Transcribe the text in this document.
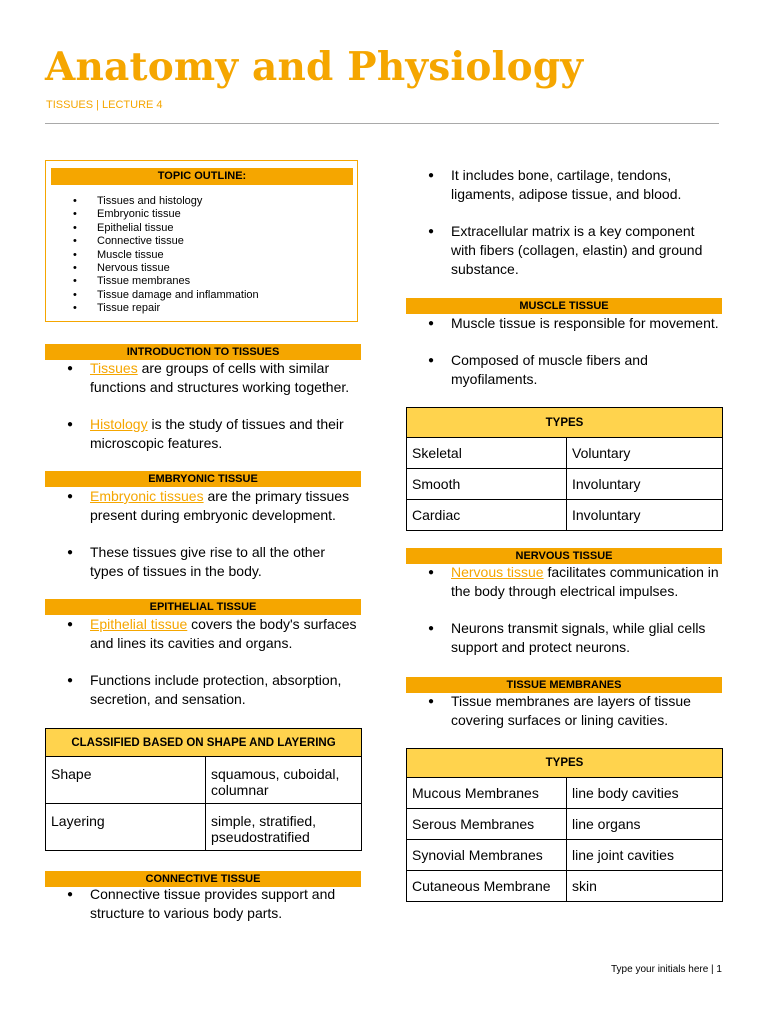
Anatomy and Physiology
TISSUES | LECTURE 4
TOPIC OUTLINE:
• Tissues and histology
• Embryonic tissue
• Epithelial tissue
• Connective tissue
• Muscle tissue
• Nervous tissue
• Tissue membranes
• Tissue damage and inflammation
• Tissue repair
INTRODUCTION TO TISSUES
● Tissues are groups of cells with similar functions and structures working together.
● Histology is the study of tissues and their microscopic features.
EMBRYONIC TISSUE
● Embryonic tissues are the primary tissues present during embryonic development.
● These tissues give rise to all the other types of tissues in the body.
EPITHELIAL TISSUE
● Epithelial tissue covers the body's surfaces and lines its cavities and organs.
● Functions include protection, absorption, secretion, and sensation.
CLASSIFIED BASED ON SHAPE AND LAYERING	
Shape	squamous, cuboidal, columnar
Layering	simple, stratified, pseudostratified
CONNECTIVE TISSUE
● Connective tissue provides support and structure to various body parts.
● It includes bone, cartilage, tendons, ligaments, adipose tissue, and blood.
● Extracellular matrix is a key component with fibers (collagen, elastin) and ground substance.
MUSCLE TISSUE
● Muscle tissue is responsible for movement.
● Composed of muscle fibers and myofilaments.
TYPES	
Skeletal	Voluntary
Smooth	Involuntary
Cardiac	Involuntary
NERVOUS TISSUE
● Nervous tissue facilitates communication in the body through electrical impulses.
● Neurons transmit signals, while glial cells support and protect neurons.
TISSUE MEMBRANES
● Tissue membranes are layers of tissue covering surfaces or lining cavities.
TYPES	
Mucous Membranes	line body cavities
Serous Membranes	line organs
Synovial Membranes	line joint cavities
Cutaneous Membrane	skin
Type your initials here | 1
